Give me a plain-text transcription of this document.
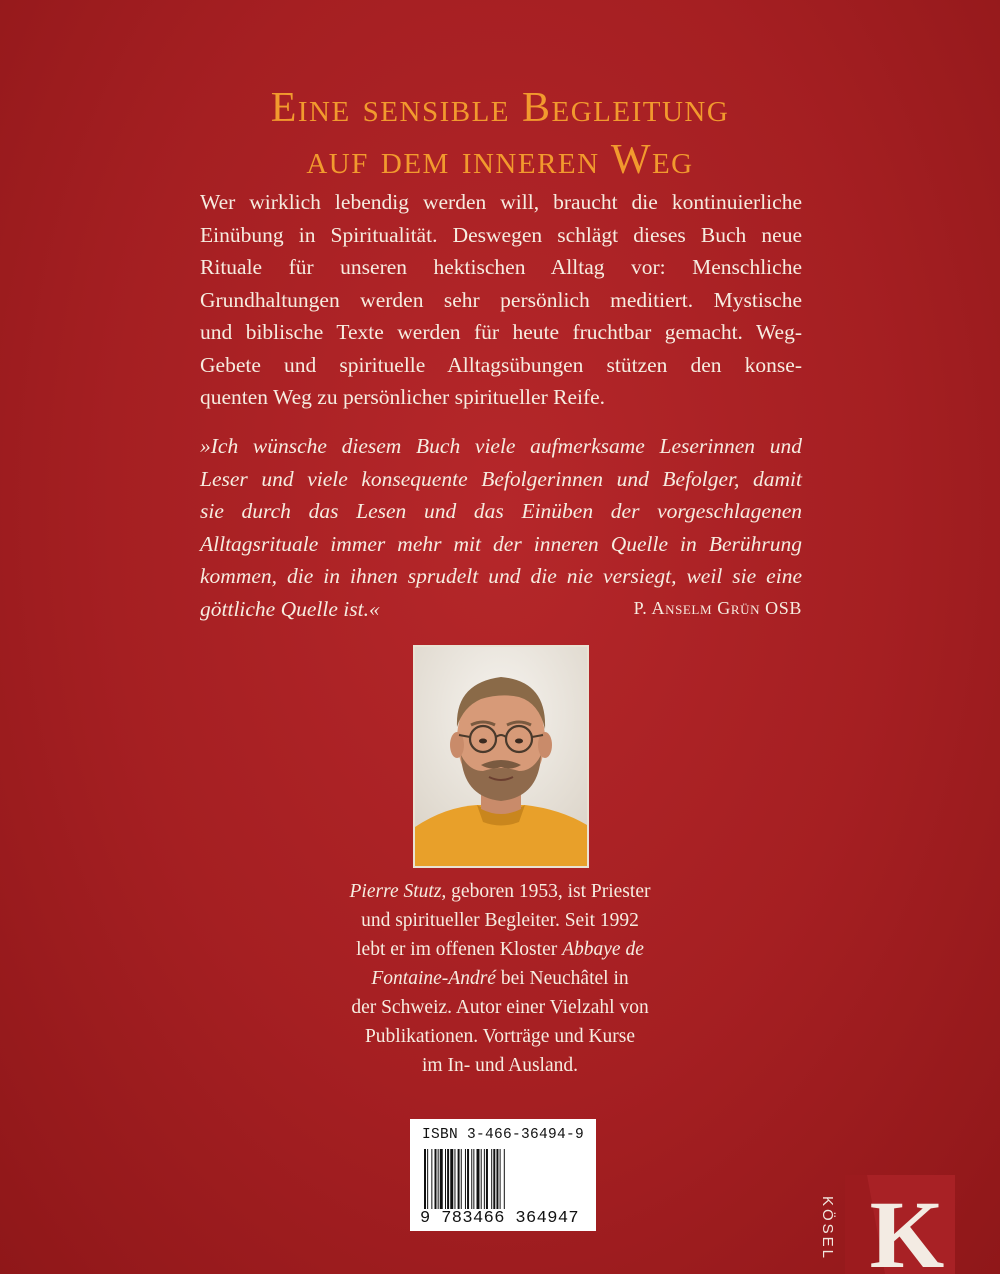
Eine sensible Begleitung
auf dem inneren Weg

Wer wirklich lebendig werden will, braucht die kontinuierliche
Einübung in Spiritualität. Deswegen schlägt dieses Buch neue
Rituale für unseren hektischen Alltag vor: Menschliche
Grundhaltungen werden sehr persönlich meditiert. Mystische
und biblische Texte werden für heute fruchtbar gemacht. Weg-
Gebete und spirituelle Alltagsübungen stützen den konse-
quenten Weg zu persönlicher spiritueller Reife.

»Ich wünsche diesem Buch viele aufmerksame Leserinnen und
Leser und viele konsequente Befolgerinnen und Befolger, damit
sie durch das Lesen und das Einüben der vorgeschlagenen
Alltagsrituale immer mehr mit der inneren Quelle in Berührung
kommen, die in ihnen sprudelt und die nie versiegt, weil sie eine
göttliche Quelle ist.«	P. Anselm Grün OSB

Pierre Stutz, geboren 1953, ist Priester
und spiritueller Begleiter. Seit 1992
lebt er im offenen Kloster Abbaye de
Fontaine-André bei Neuchâtel in
der Schweiz. Autor einer Vielzahl von
Publikationen. Vorträge und Kurse
im In- und Ausland.

ISBN 3-466-36494-9
9 783466 364947	K
KÖSEL
